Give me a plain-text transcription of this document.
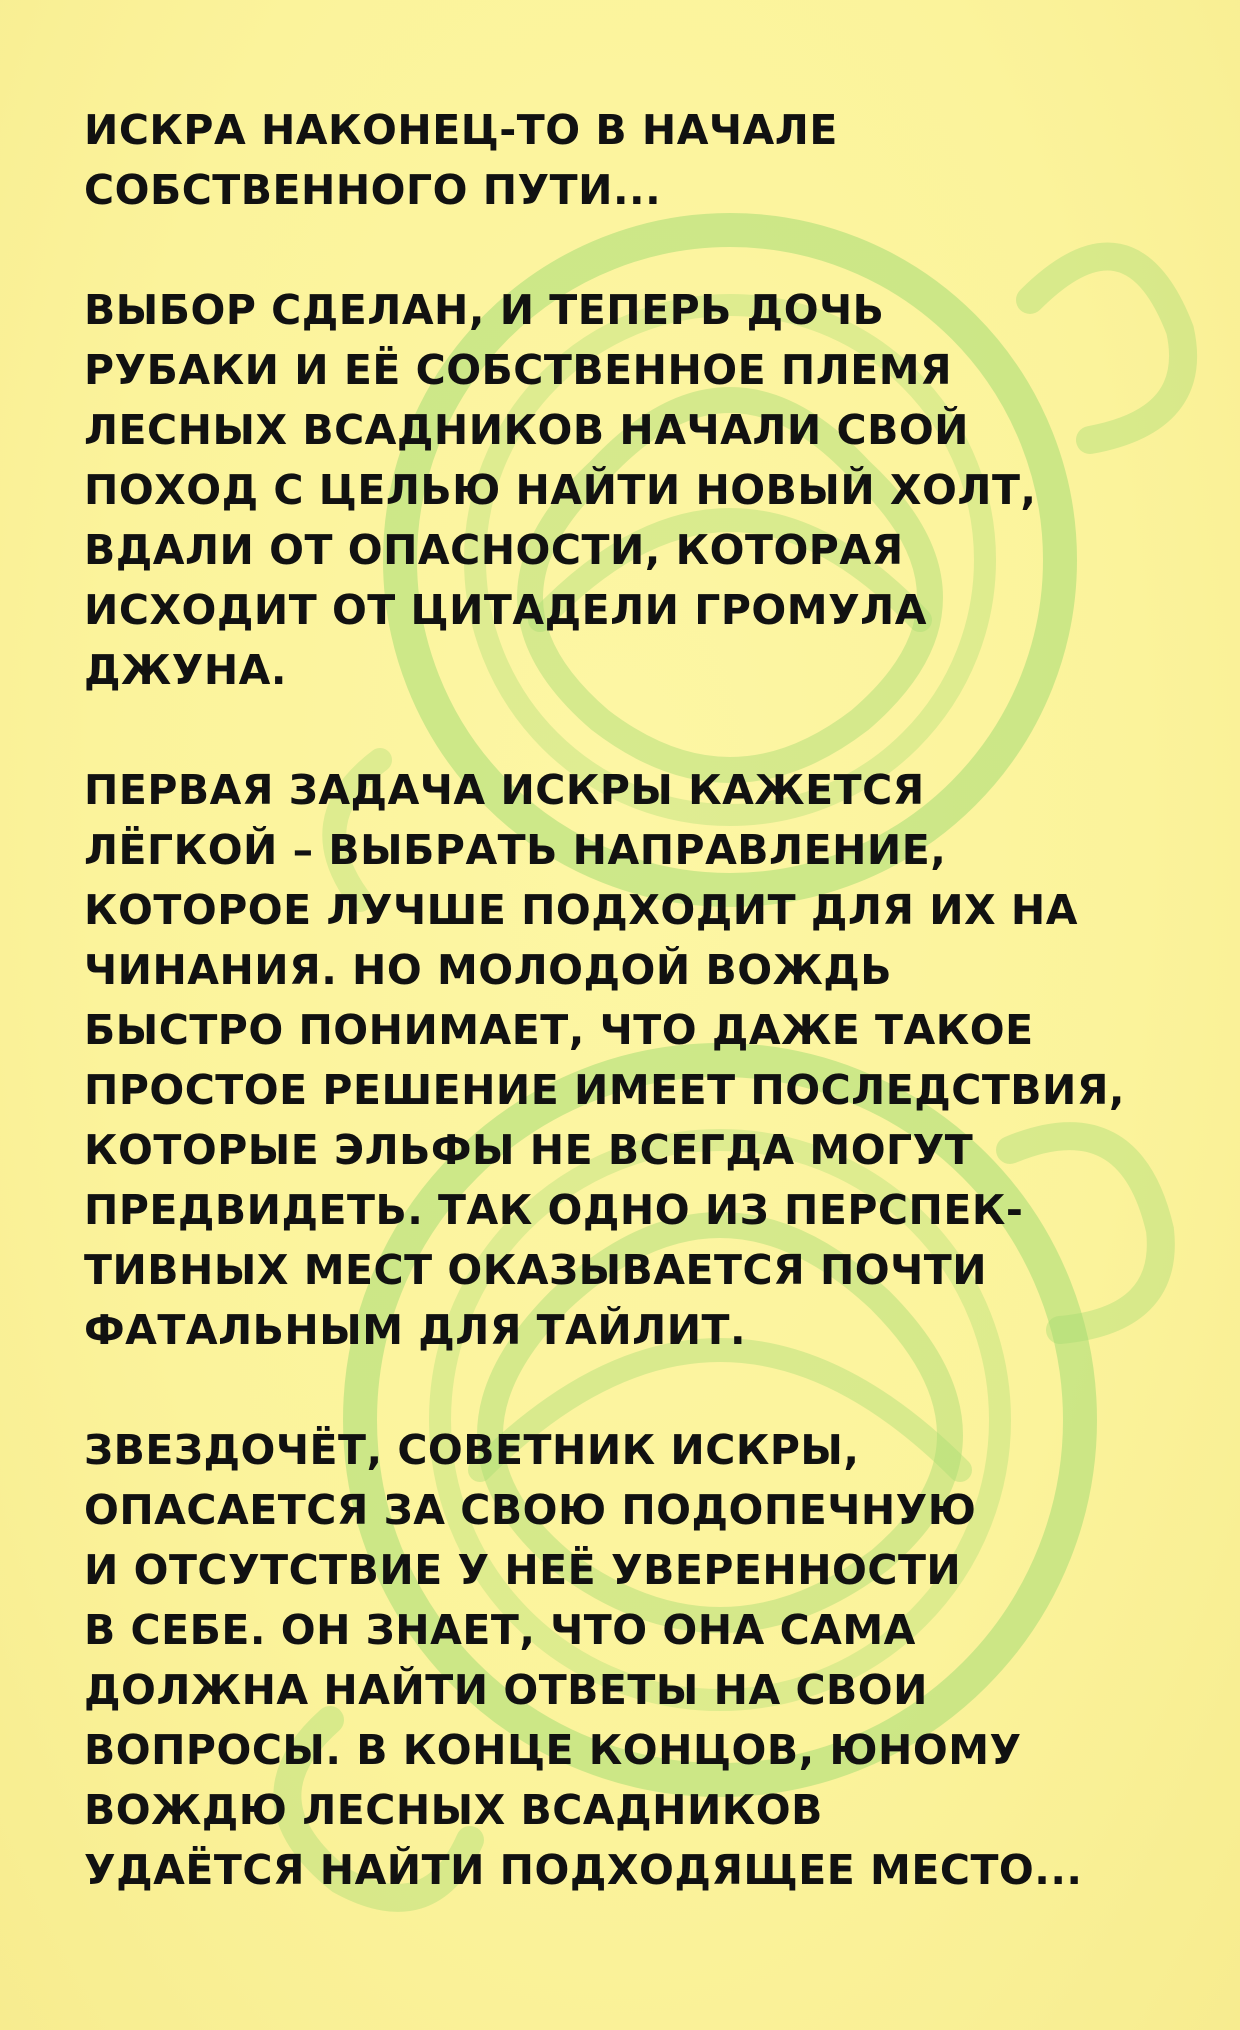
ИСКРА НАКОНЕЦ-ТО В НАЧАЛЕ
СОБСТВЕННОГО ПУТИ...

ВЫБОР СДЕЛАН, И ТЕПЕРЬ ДОЧЬ
РУБАКИ И ЕЁ СОБСТВЕННОЕ ПЛЕМЯ
ЛЕСНЫХ ВСАДНИКОВ НАЧАЛИ СВОЙ
ПОХОД С ЦЕЛЬЮ НАЙТИ НОВЫЙ ХОЛТ,
ВДАЛИ ОТ ОПАСНОСТИ, КОТОРАЯ
ИСХОДИТ ОТ ЦИТАДЕЛИ ГРОМУЛА
ДЖУНА.

ПЕРВАЯ ЗАДАЧА ИСКРЫ КАЖЕТСЯ
ЛЁГКОЙ – ВЫБРАТЬ НАПРАВЛЕНИЕ,
КОТОРОЕ ЛУЧШЕ ПОДХОДИТ ДЛЯ ИХ НА
ЧИНАНИЯ. НО МОЛОДОЙ ВОЖДЬ
БЫСТРО ПОНИМАЕТ, ЧТО ДАЖЕ ТАКОЕ
ПРОСТОЕ РЕШЕНИЕ ИМЕЕТ ПОСЛЕДСТВИЯ,
КОТОРЫЕ ЭЛЬФЫ НЕ ВСЕГДА МОГУТ
ПРЕДВИДЕТЬ. ТАК ОДНО ИЗ ПЕРСПЕК-
ТИВНЫХ МЕСТ ОКАЗЫВАЕТСЯ ПОЧТИ
ФАТАЛЬНЫМ ДЛЯ ТАЙЛИТ.

ЗВЕЗДОЧЁТ, СОВЕТНИК ИСКРЫ,
ОПАСАЕТСЯ ЗА СВОЮ ПОДОПЕЧНУЮ
И ОТСУТСТВИЕ У НЕЁ УВЕРЕННОСТИ
В СЕБЕ. ОН ЗНАЕТ, ЧТО ОНА САМА
ДОЛЖНА НАЙТИ ОТВЕТЫ НА СВОИ
ВОПРОСЫ. В КОНЦЕ КОНЦОВ, ЮНОМУ
ВОЖДЮ ЛЕСНЫХ ВСАДНИКОВ
УДАЁТСЯ НАЙТИ ПОДХОДЯЩЕЕ МЕСТО...
